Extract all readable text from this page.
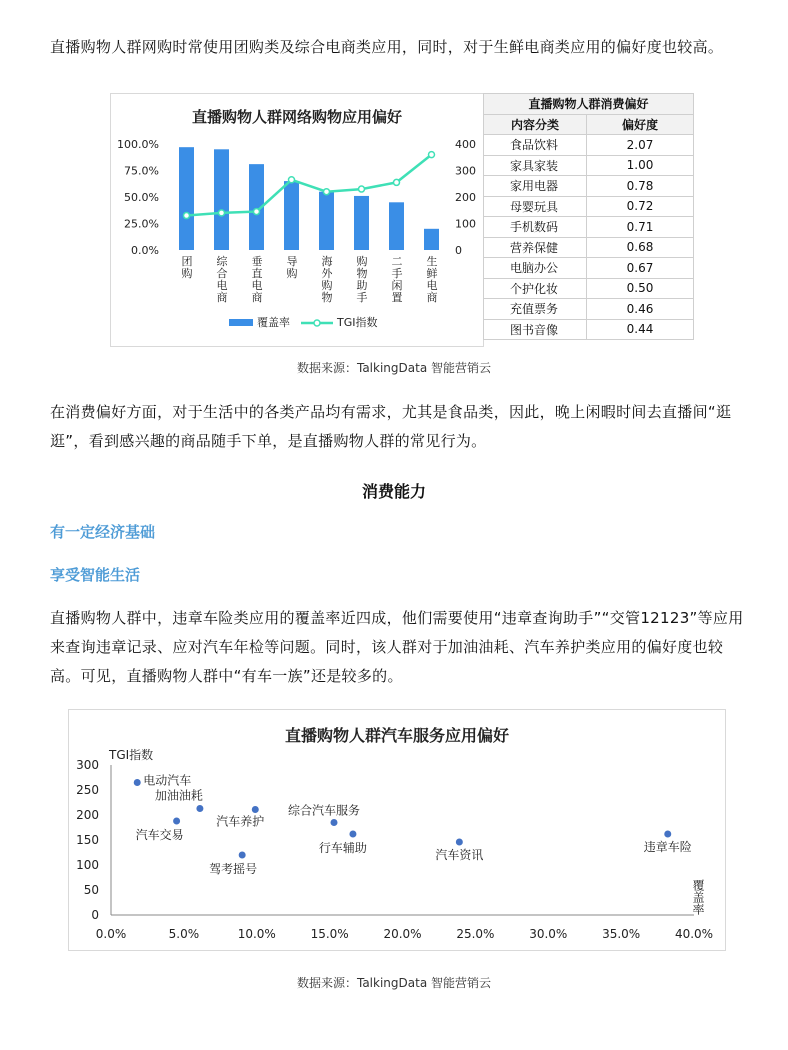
直播购物人群网购时常使用团购类及综合电商类应用，同时，对于生鲜电商类应用的偏好度也较高。

直播购物人群网络购物应用偏好
100.0%
75.0%
50.0%
25.0%
0.0%
400
300
200
100
0
团购
综合电商
垂直电商
导购
海外购物
购物助手
二手闲置
生鲜电商
覆盖率	TGI指数
直播购物人群消费偏好	
内容分类	偏好度
食品饮料	2.07
家具家装	1.00
家用电器	0.78
母婴玩具	0.72
手机数码	0.71
营养保健	0.68
电脑办公	0.67
个护化妆	0.50
充值票务	0.46
图书音像	0.44
数据来源：TalkingData 智能营销云

在消费偏好方面，对于生活中的各类产品均有需求，尤其是食品类，因此，晚上闲暇时间去直播间“逛逛”，看到感兴趣的商品随手下单，是直播购物人群的常见行为。

消费能力
有一定经济基础
享受智能生活

直播购物人群中，违章车险类应用的覆盖率近四成，他们需要使用“违章查询助手”“交管12123”等应用来查询违章记录、应对汽车年检等问题。同时，该人群对于加油油耗、汽车养护类应用的偏好度也较高。可见，直播购物人群中“有车一族”还是较多的。

直播购物人群汽车服务应用偏好
TGI指数
覆盖率
300
250
200
150
100
50
0
0.0%	5.0%	10.0%	15.0%	20.0%	25.0%	30.0%	35.0%	40.0%
电动汽车
加油油耗
汽车交易
汽车养护
驾考摇号
综合汽车服务
行车辅助	汽车资讯
违章车险
数据来源：TalkingData 智能营销云
